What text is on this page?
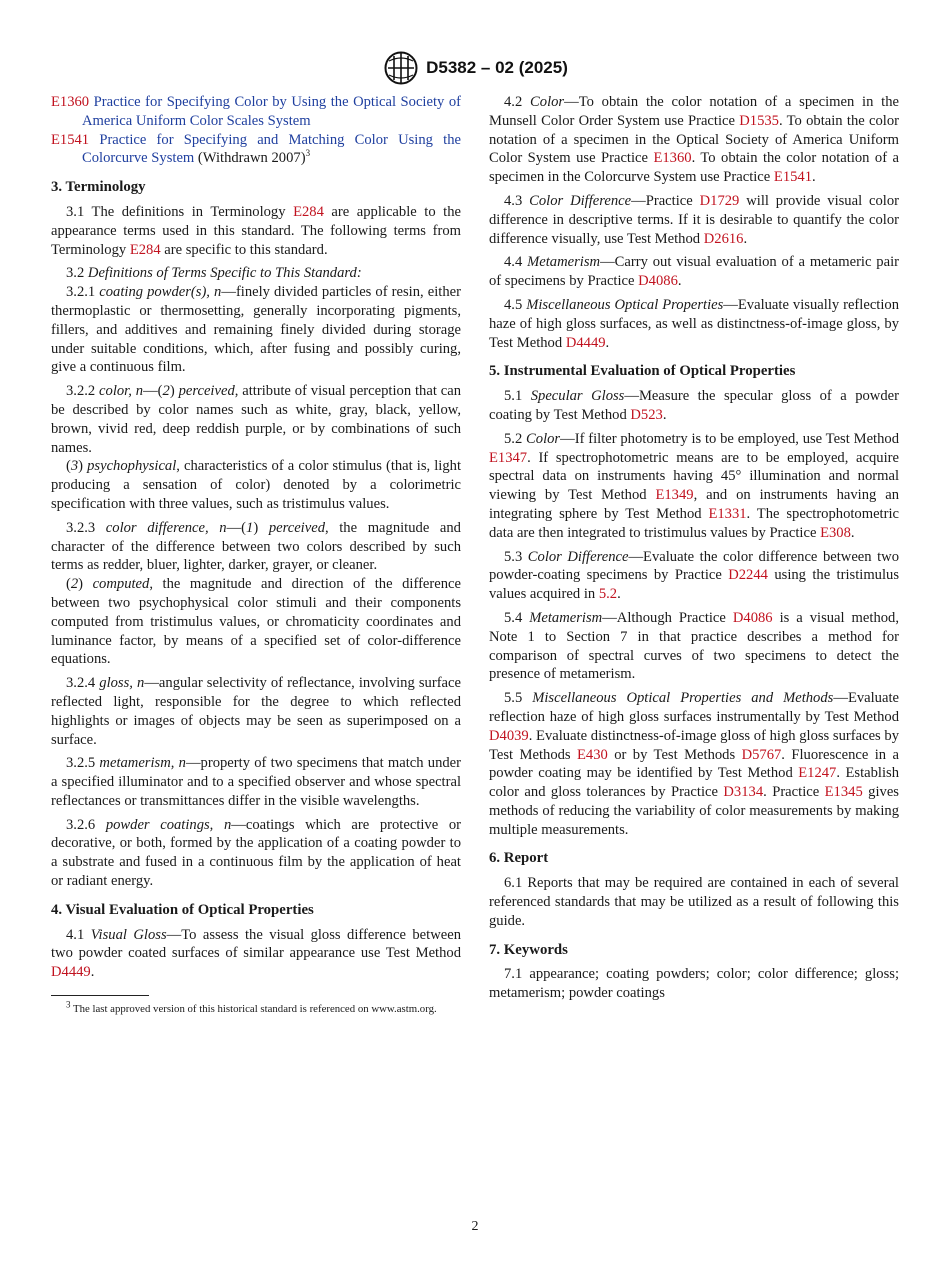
D5382 – 02 (2025)
E1360 Practice for Specifying Color by Using the Optical Society of America Uniform Color Scales System
E1541 Practice for Specifying and Matching Color Using the Colorcurve System (Withdrawn 2007)$^3$
3. Terminology

3.1 The definitions in Terminology E284 are applicable to the appearance terms used in this standard. The following terms from Terminology E284 are specific to this standard.

3.2 Definitions of Terms Specific to This Standard:

3.2.1 coating powder(s), n—finely divided particles of resin, either thermoplastic or thermosetting, generally incorporating pigments, fillers, and additives and remaining finely divided during storage under suitable conditions, which, after fusing and possibly curing, give a continuous film.

3.2.2 color, n—(2) perceived, attribute of visual perception that can be described by color names such as white, gray, black, yellow, brown, vivid red, deep reddish purple, or by combinations of such names.

(3) psychophysical, characteristics of a color stimulus (that is, light producing a sensation of color) denoted by a colorimetric specification with three values, such as tristimulus values.

3.2.3 color difference, n—(1) perceived, the magnitude and character of the difference between two colors described by such terms as redder, bluer, lighter, darker, grayer, or cleaner.

(2) computed, the magnitude and direction of the difference between two psychophysical color stimuli and their components computed from tristimulus values, or chromaticity coordinates and luminance factor, by means of a specified set of color-difference equations.

3.2.4 gloss, n—angular selectivity of reflectance, involving surface reflected light, responsible for the degree to which reflected highlights or images of objects may be seen as superimposed on a surface.

3.2.5 metamerism, n—property of two specimens that match under a specified illuminator and to a specified observer and whose spectral reflectances or transmittances differ in the visible wavelengths.

3.2.6 powder coatings, n—coatings which are protective or decorative, or both, formed by the application of a coating powder to a substrate and fused in a continuous film by the application of heat or radiant energy.

4. Visual Evaluation of Optical Properties

4.1 Visual Gloss—To assess the visual gloss difference between two powder coated surfaces of similar appearance use Test Method D4449.

$^3$ The last approved version of this historical standard is referenced on www.astm.org.

4.2 Color—To obtain the color notation of a specimen in the Munsell Color Order System use Practice D1535. To obtain the color notation of a specimen in the Optical Society of America Uniform Color System use Practice E1360. To obtain the color notation of a specimen in the Colorcurve System use Practice E1541.

4.3 Color Difference—Practice D1729 will provide visual color difference in descriptive terms. If it is desirable to quantify the color difference visually, use Test Method D2616.

4.4 Metamerism—Carry out visual evaluation of a metameric pair of specimens by Practice D4086.

4.5 Miscellaneous Optical Properties—Evaluate visually reflection haze of high gloss surfaces, as well as distinctness-of-image gloss, by Test Method D4449.

5. Instrumental Evaluation of Optical Properties

5.1 Specular Gloss—Measure the specular gloss of a powder coating by Test Method D523.

5.2 Color—If filter photometry is to be employed, use Test Method E1347. If spectrophotometric means are to be employed, acquire spectral data on instruments having 45° illumination and normal viewing by Test Method E1349, and on instruments having an integrating sphere by Test Method E1331. The spectrophotometric data are then integrated to tristimulus values by Practice E308.

5.3 Color Difference—Evaluate the color difference between two powder-coating specimens by Practice D2244 using the tristimulus values acquired in 5.2.

5.4 Metamerism—Although Practice D4086 is a visual method, Note 1 to Section 7 in that practice describes a method for comparison of spectral curves of two specimens to detect the presence of metamerism.

5.5 Miscellaneous Optical Properties and Methods—Evaluate reflection haze of high gloss surfaces instrumentally by Test Method D4039. Evaluate distinctness-of-image gloss of high gloss surfaces by Test Methods E430 or by Test Methods D5767. Fluorescence in a powder coating may be identified by Test Method E1247. Establish color and gloss tolerances by Practice D3134. Practice E1345 gives methods of reducing the variability of color measurements by making multiple measurements.

6. Report

6.1 Reports that may be required are contained in each of several referenced standards that may be utilized as a result of following this guide.

7. Keywords

7.1 appearance; coating powders; color; color difference; gloss; metamerism; powder coatings

2
